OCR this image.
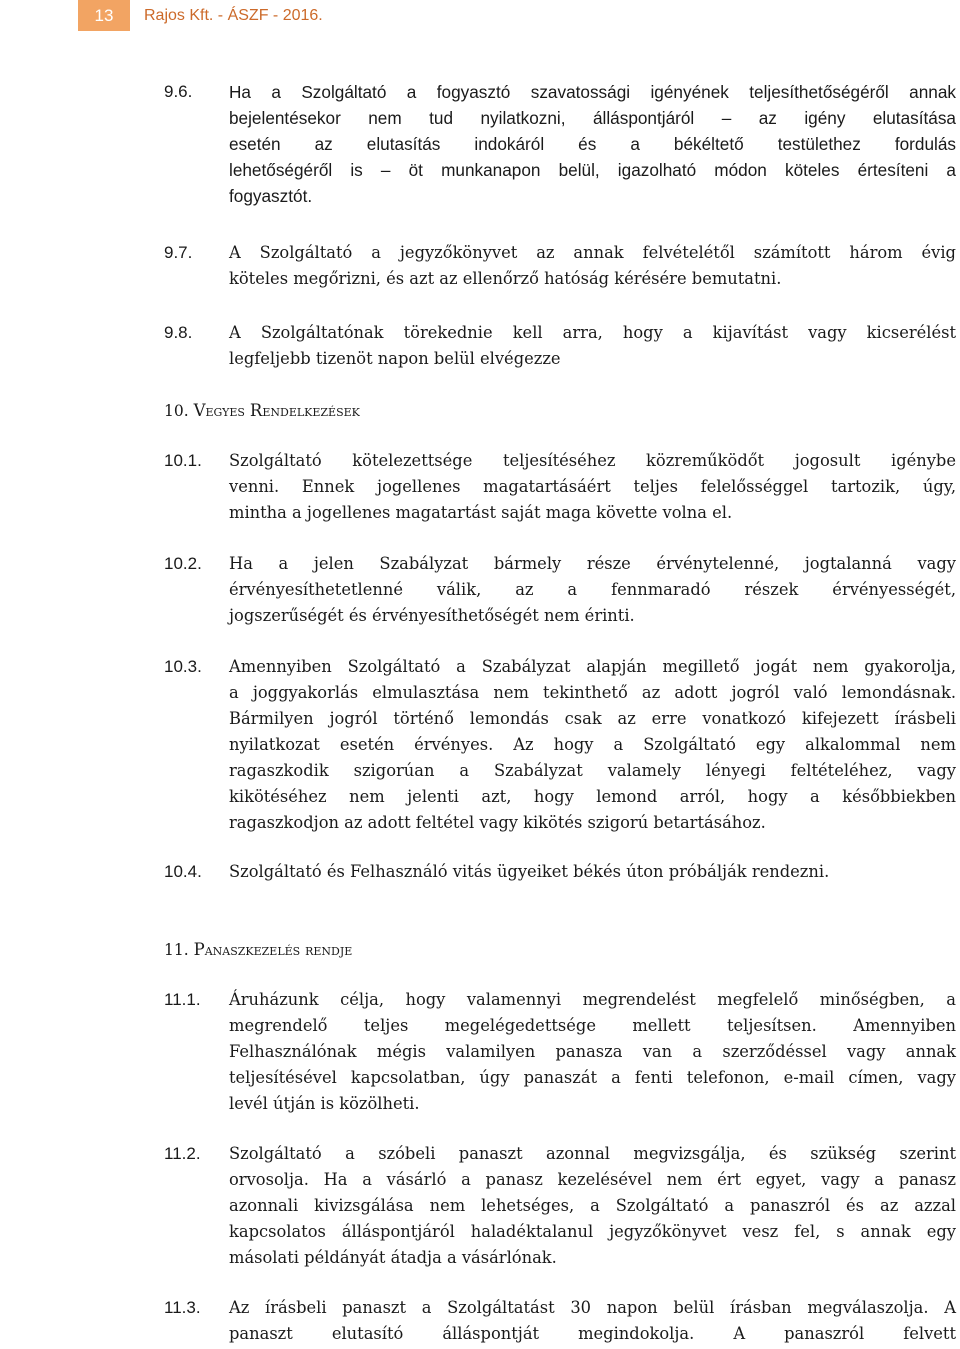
13	Rajos Kft. - ÁSZF - 2016.
9.6. Ha a Szolgáltató a fogyasztó szavatossági igényének teljesíthetőségéről annak
bejelentésekor nem tud nyilatkozni, álláspontjáról – az igény elutasítása
esetén az elutasítás indokáról és a békéltető testülethez fordulás
lehetőségéről is – öt munkanapon belül, igazolható módon köteles értesíteni a
fogyasztót.
9.7. A Szolgáltató a jegyzőkönyvet az annak felvételétől számított három évig
köteles megőrizni, és azt az ellenőrző hatóság kérésére bemutatni.
9.8. A Szolgáltatónak törekednie kell arra, hogy a kijavítást vagy kicserélést
legfeljebb tizenöt napon belül elvégezze
10. Vegyes Rendelkezések
10.1. Szolgáltató kötelezettsége teljesítéséhez közreműködőt jogosult igénybe
venni. Ennek jogellenes magatartásáért teljes felelősséggel tartozik, úgy,
mintha a jogellenes magatartást saját maga követte volna el.
10.2. Ha a jelen Szabályzat bármely része érvénytelenné, jogtalanná vagy
érvényesíthetetlenné válik, az a fennmaradó részek érvényességét,
jogszerűségét és érvényesíthetőségét nem érinti.
10.3. Amennyiben Szolgáltató a Szabályzat alapján megillető jogát nem gyakorolja,
a joggyakorlás elmulasztása nem tekinthető az adott jogról való lemondásnak.
Bármilyen jogról történő lemondás csak az erre vonatkozó kifejezett írásbeli
nyilatkozat esetén érvényes. Az hogy a Szolgáltató egy alkalommal nem
ragaszkodik szigorúan a Szabályzat valamely lényegi feltételéhez, vagy
kikötéséhez nem jelenti azt, hogy lemond arról, hogy a későbbiekben
ragaszkodjon az adott feltétel vagy kikötés szigorú betartásához.
10.4. Szolgáltató és Felhasználó vitás ügyeiket békés úton próbálják rendezni.
11. Panaszkezelés rendje
11.1. Áruházunk célja, hogy valamennyi megrendelést megfelelő minőségben, a
megrendelő teljes megelégedettsége mellett teljesítsen. Amennyiben
Felhasználónak mégis valamilyen panasza van a szerződéssel vagy annak
teljesítésével kapcsolatban, úgy panaszát a fenti telefonon, e-mail címen, vagy
levél útján is közölheti.
11.2. Szolgáltató a szóbeli panaszt azonnal megvizsgálja, és szükség szerint
orvosolja. Ha a vásárló a panasz kezelésével nem ért egyet, vagy a panasz
azonnali kivizsgálása nem lehetséges, a Szolgáltató a panaszról és az azzal
kapcsolatos álláspontjáról haladéktalanul jegyzőkönyvet vesz fel, s annak egy
másolati példányát átadja a vásárlónak.
11.3. Az írásbeli panaszt a Szolgáltatást 30 napon belül írásban megválaszolja. A
panaszt elutasító álláspontját megindokolja. A panaszról felvett
